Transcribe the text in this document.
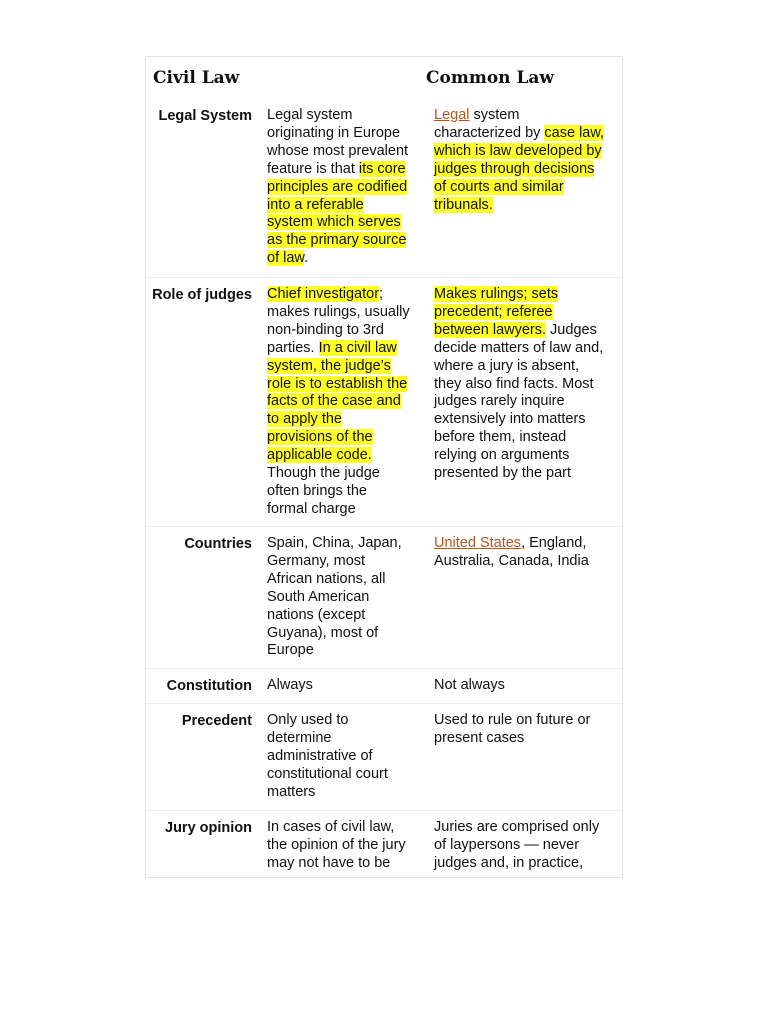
Civil Law	Common Law
Legal System Legal system
originating in Europe
whose most prevalent
feature is that its core
principles are codified
into a referable
system which serves
as the primary source
of law.
Legal system
characterized by case law,
which is law developed by
judges through decisions
of courts and similar
tribunals.
Role of judges Chief investigator;
makes rulings, usually
non-binding to 3rd
parties. In a civil law
system, the judge’s
role is to establish the
facts of the case and
to apply the
provisions of the
applicable code.
Though the judge
often brings the
formal charge
Makes rulings; sets
precedent; referee
between lawyers. Judges
decide matters of law and,
where a jury is absent,
they also find facts. Most
judges rarely inquire
extensively into matters
before them, instead
relying on arguments
presented by the part
Countries Spain, China, Japan,
Germany, most
African nations, all
South American
nations (except
Guyana), most of
Europe
United States, England,
Australia, Canada, India
Constitution Always	Not always
Precedent Only used to
determine
administrative of
constitutional court
matters
Used to rule on future or
present cases
Jury opinion In cases of civil law,
the opinion of the jury
may not have to be
Juries are comprised only
of laypersons — never
judges and, in practice,
